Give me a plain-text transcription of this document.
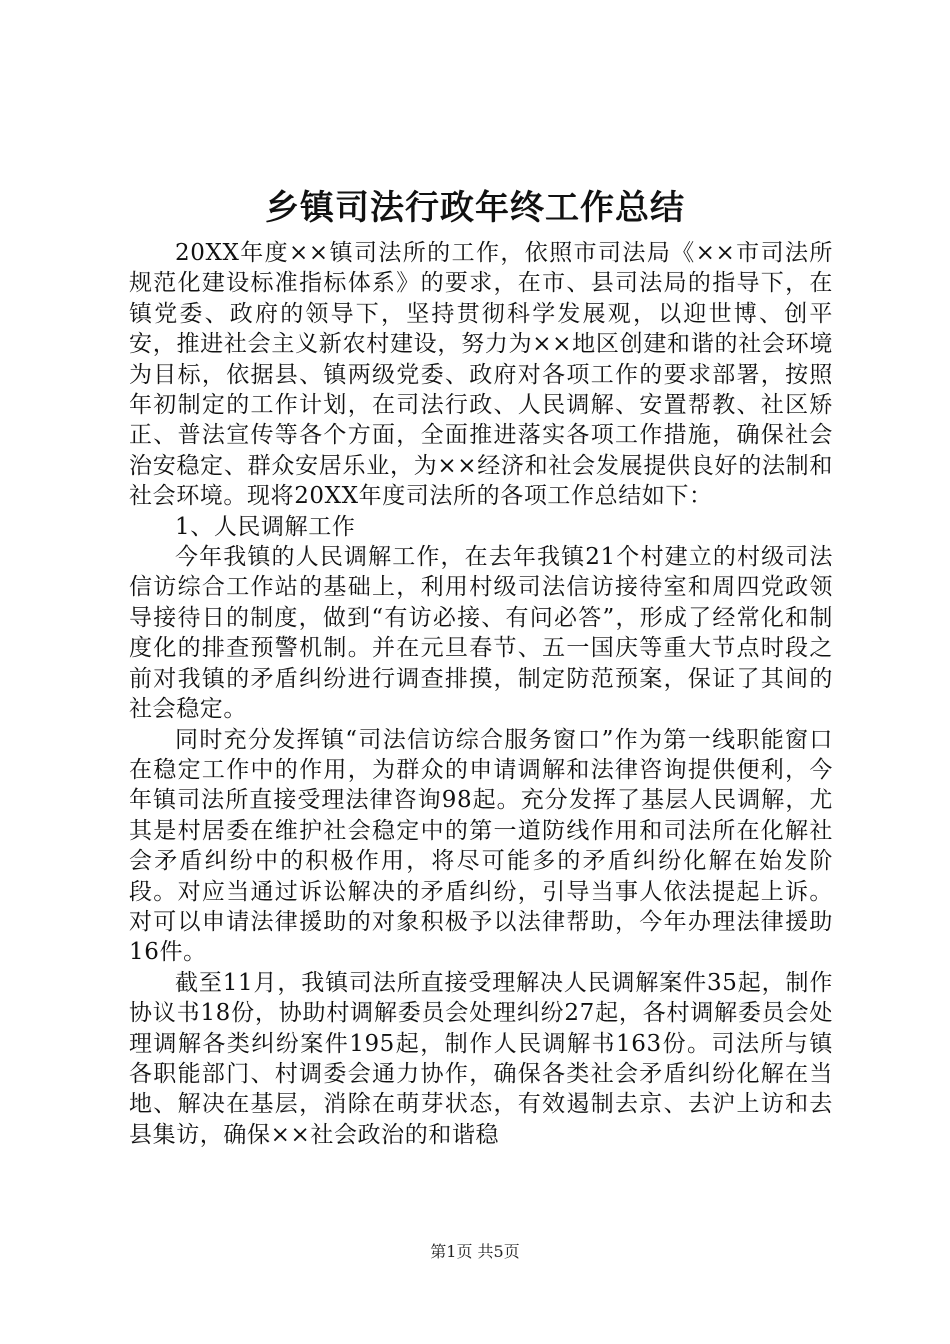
乡镇司法行政年终工作总结

20XX年度××镇司法所的工作，依照市司法局《××市司法所规范化建设标准指标体系》的要求，在市、县司法局的指导下，在镇党委、政府的领导下，坚持贯彻科学发展观，以迎世博、创平安，推进社会主义新农村建设，努力为××地区创建和谐的社会环境为目标，依据县、镇两级党委、政府对各项工作的要求部署，按照年初制定的工作计划，在司法行政、人民调解、安置帮教、社区矫正、普法宣传等各个方面，全面推进落实各项工作措施，确保社会治安稳定、群众安居乐业，为××经济和社会发展提供良好的法制和社会环境。现将20XX年度司法所的各项工作总结如下：

1、人民调解工作

今年我镇的人民调解工作，在去年我镇21个村建立的村级司法信访综合工作站的基础上，利用村级司法信访接待室和周四党政领导接待日的制度，做到“有访必接、有问必答”，形成了经常化和制度化的排查预警机制。并在元旦春节、五一国庆等重大节点时段之前对我镇的矛盾纠纷进行调查排摸，制定防范预案，保证了其间的社会稳定。

同时充分发挥镇“司法信访综合服务窗口”作为第一线职能窗口在稳定工作中的作用，为群众的申请调解和法律咨询提供便利，今年镇司法所直接受理法律咨询98起。充分发挥了基层人民调解，尤其是村居委在维护社会稳定中的第一道防线作用和司法所在化解社会矛盾纠纷中的积极作用，将尽可能多的矛盾纠纷化解在始发阶段。对应当通过诉讼解决的矛盾纠纷，引导当事人依法提起上诉。对可以申请法律援助的对象积极予以法律帮助，今年办理法律援助16件。

截至11月，我镇司法所直接受理解决人民调解案件35起，制作协议书18份，协助村调解委员会处理纠纷27起，各村调解委员会处理调解各类纠纷案件195起，制作人民调解书163份。司法所与镇各职能部门、村调委会通力协作，确保各类社会矛盾纠纷化解在当地、解决在基层，消除在萌芽状态，有效遏制去京、去沪上访和去县集访，确保××社会政治的和谐稳

第1页 共5页
